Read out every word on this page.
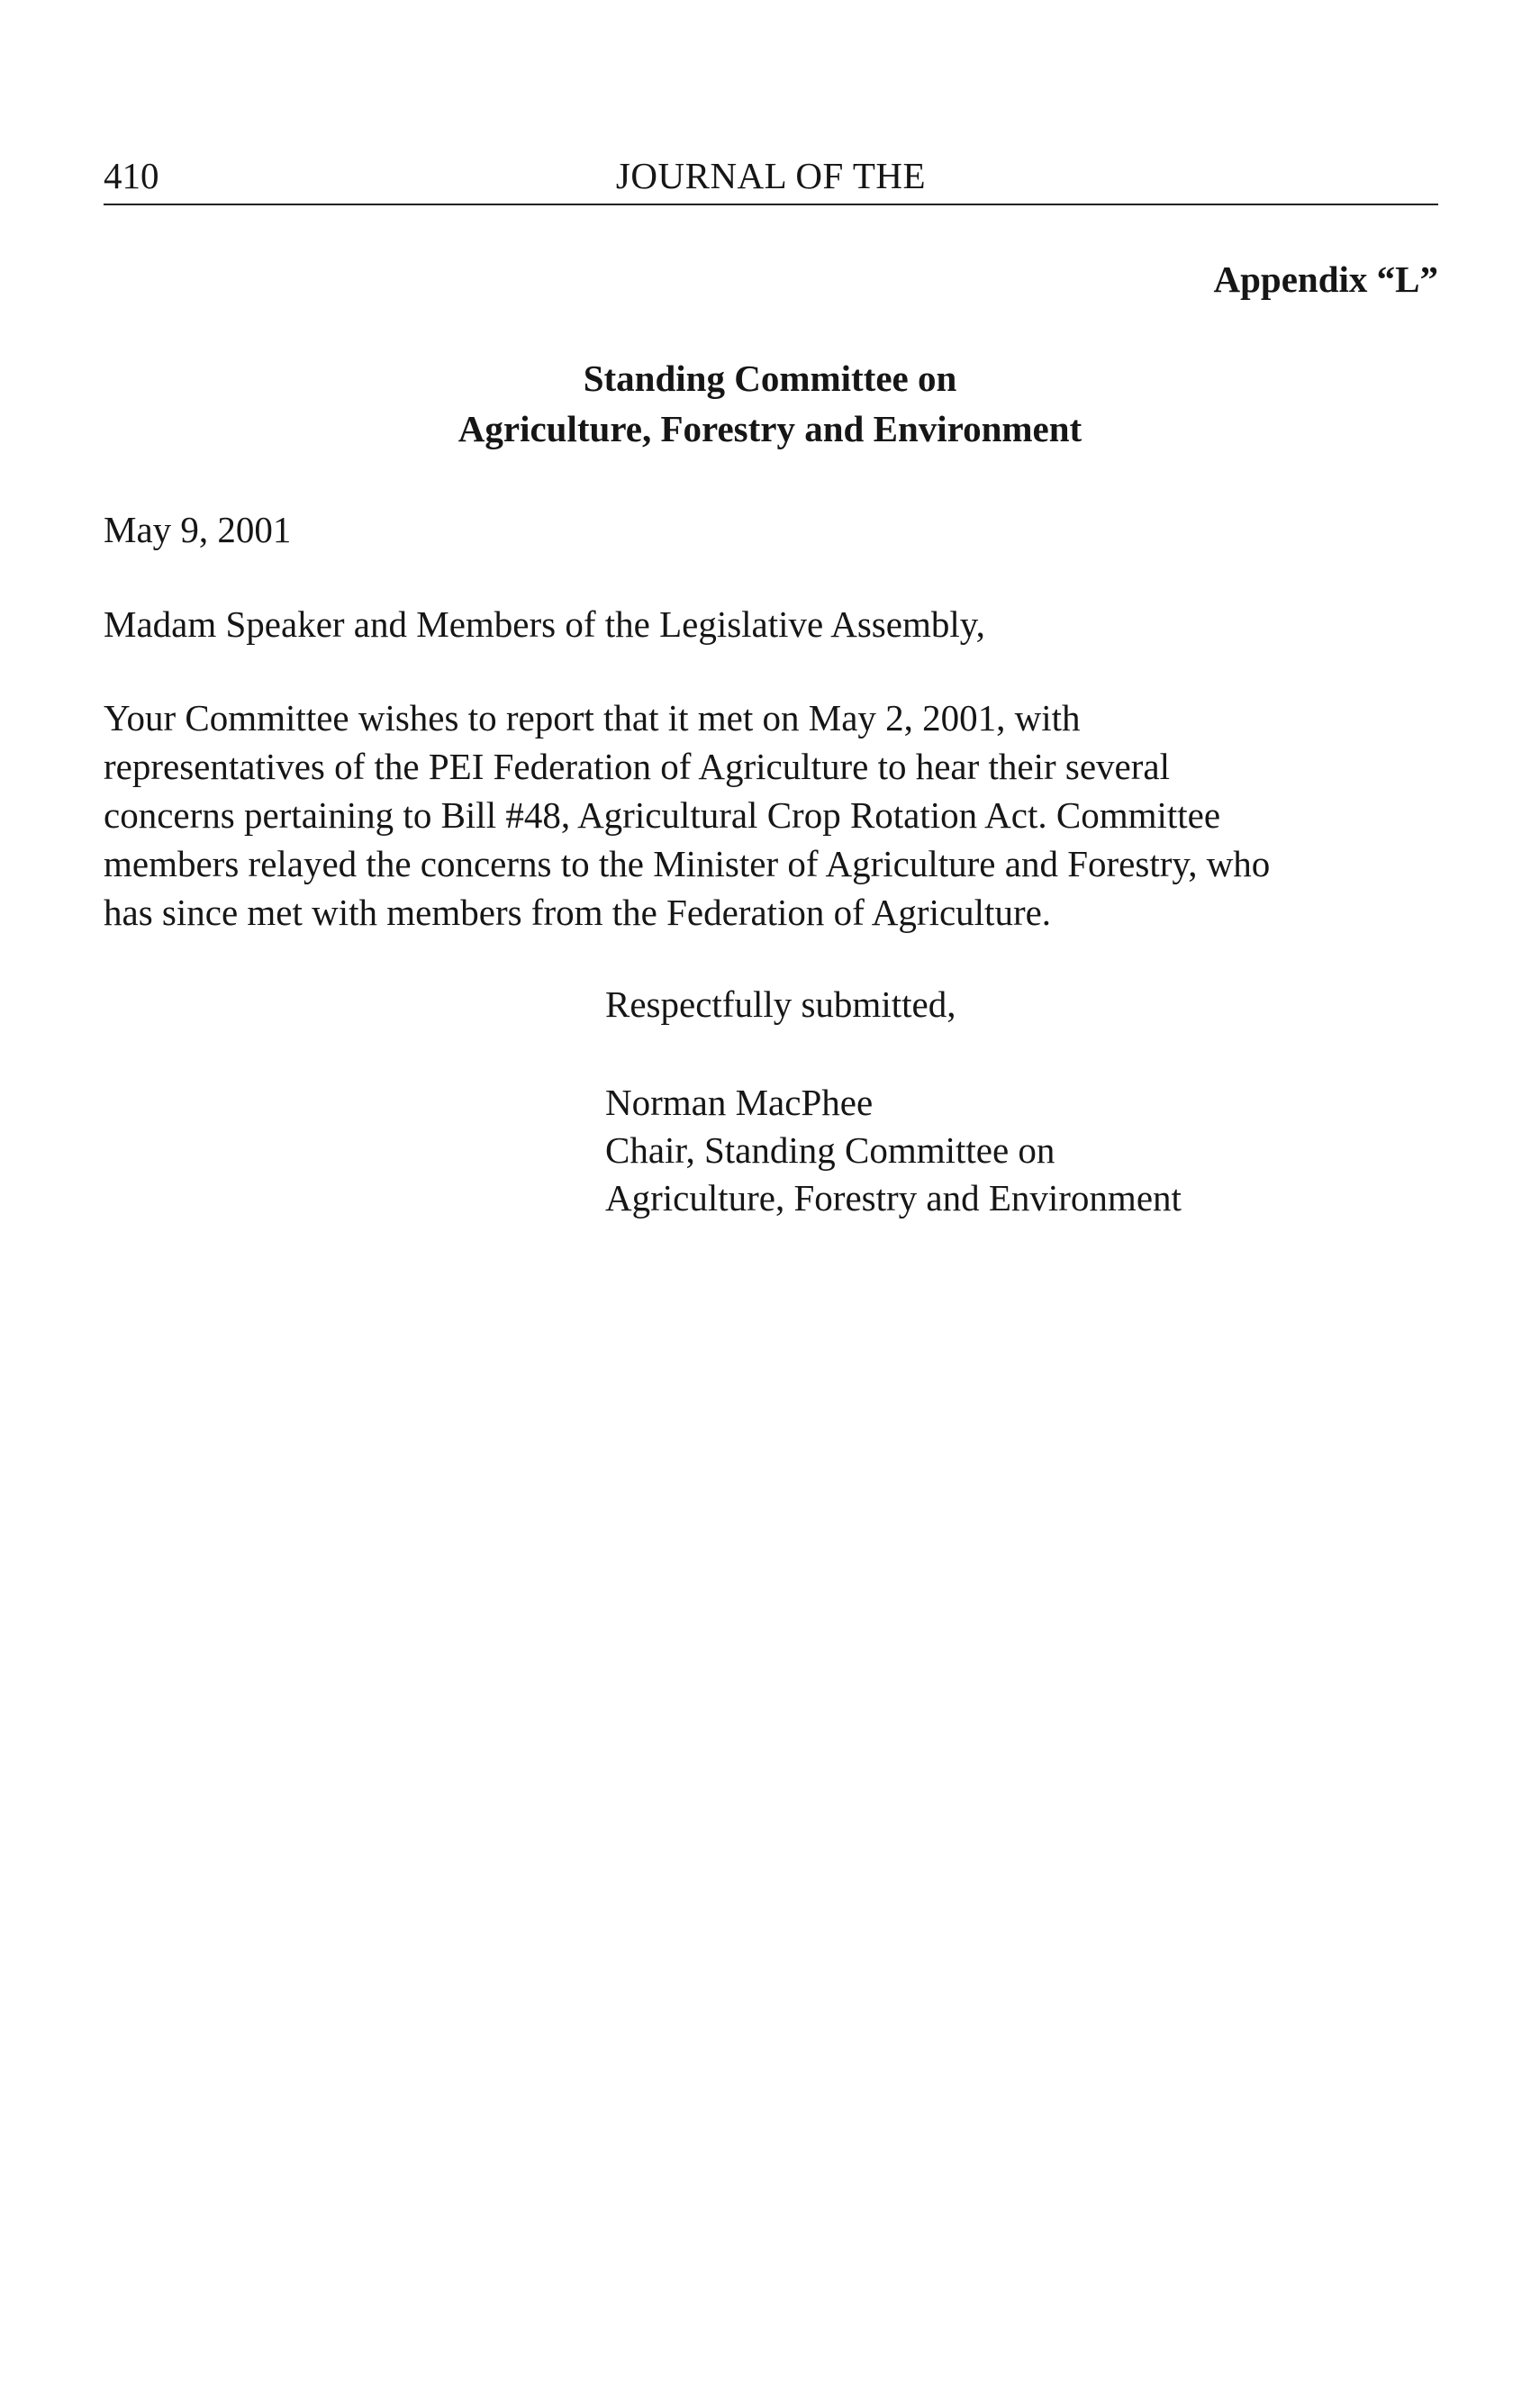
410	JOURNAL OF THE
Appendix “L”
Standing Committee on
Agriculture, Forestry and Environment
May 9, 2001
Madam Speaker and Members of the Legislative Assembly,
Your Committee wishes to report that it met on May 2, 2001, with
representatives of the PEI Federation of Agriculture to hear their several
concerns pertaining to Bill #48, Agricultural Crop Rotation Act. Committee
members relayed the concerns to the Minister of Agriculture and Forestry, who
has since met with members from the Federation of Agriculture.
Respectfully submitted,
Norman MacPhee
Chair, Standing Committee on
Agriculture, Forestry and Environment
